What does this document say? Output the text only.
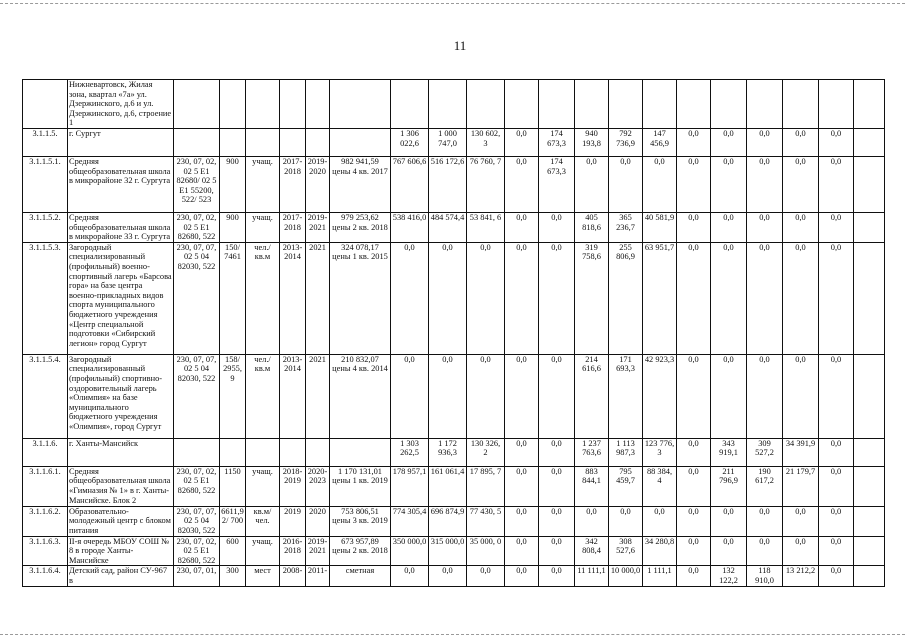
11
	Нижневартовск, Жилая зона, квартал «7а» ул. Дзержинского, д.6 и ул. Дзержинского, д.6, строение 1																				
3.1.1.5.	г. Сургут							1 306 022,6	1 000 747,0	130 602, 3	0,0	174 673,3	940 193,8	792 736,9	147 456,9	0,0	0,0	0,0	0,0	0,0	
3.1.1.5.1.	Средняя общеобразовательная школа в микрорайоне 32 г. Сургута	230, 07, 02, 02 5 E1 82680/ 02 5 E1 55200, 522/ 523	900	учащ.	2017- 2018	2019- 2020	982 941,59 цены 4 кв. 2017	767 606,6	516 172,6	76 760, 7	0,0	174 673,3	0,0	0,0	0,0	0,0	0,0	0,0	0,0	0,0	
3.1.1.5.2.	Средняя общеобразовательная школа в микрорайоне 33 г. Сургута	230, 07, 02, 02 5 E1 82680, 522	900	учащ.	2017- 2018	2019- 2021	979 253,62 цены 2 кв. 2018	538 416,0	484 574,4	53 841, 6	0,0	0,0	405 818,6	365 236,7	40 581,9	0,0	0,0	0,0	0,0	0,0	
3.1.1.5.3.	Загородный специализированный (профильный) военно-спортивный лагерь «Барсова гора» на базе центра военно-прикладных видов спорта муниципального бюджетного учреждения «Центр специальной подготовки «Сибирский легион» город Сургут	230, 07, 07, 02 5 04 82030, 522	150/ 7461	чел./ кв.м	2013- 2014	2021	324 078,17 цены 1 кв. 2015	0,0	0,0	0,0	0,0	0,0	319 758,6	255 806,9	63 951,7	0,0	0,0	0,0	0,0	0,0	
3.1.1.5.4.	Загородный специализированный (профильный) спортивно-оздоровительный лагерь «Олимпия» на базе муниципального бюджетного учреждения «Олимпия», город Сургут	230, 07, 07, 02 5 04 82030, 522	158/ 2955,9	чел./ кв.м	2013- 2014	2021	210 832,07 цены 4 кв. 2014	0,0	0,0	0,0	0,0	0,0	214 616,6	171 693,3	42 923,3	0,0	0,0	0,0	0,0	0,0	
3.1.1.6.	г. Ханты-Мансийск							1 303 262,5	1 172 936,3	130 326, 2	0,0	0,0	1 237 763,6	1 113 987,3	123 776, 3	0,0	343 919,1	309 527,2	34 391,9	0,0	
3.1.1.6.1.	Средняя общеобразовательная школа «Гимназия № 1» в г. Ханты-Мансийске. Блок 2	230, 07, 02, 02 5 E1 82680, 522	1150	учащ.	2018- 2019	2020- 2023	1 170 131,01 цены 1 кв. 2019	178 957,1	161 061,4	17 895, 7	0,0	0,0	883 844,1	795 459,7	88 384, 4	0,0	211 796,9	190 617,2	21 179,7	0,0	
3.1.1.6.2.	Образовательно-молодежный центр с блоком питания	230, 07, 07, 02 5 04 82030, 522	6611,92/ 700	кв.м/ чел.	2019	2020	753 806,51 цены 3 кв. 2019	774 305,4	696 874,9	77 430, 5	0,0	0,0	0,0	0,0	0,0	0,0	0,0	0,0	0,0	0,0	
3.1.1.6.3.	II-я очередь МБОУ СОШ № 8 в городе Ханты-Мансийске	230, 07, 02, 02 5 E1 82680, 522	600	учащ.	2016- 2018	2019- 2021	673 957,89 цены 2 кв. 2018	350 000,0	315 000,0	35 000, 0	0,0	0,0	342 808,4	308 527,6	34 280,8	0,0	0,0	0,0	0,0	0,0	
3.1.1.6.4.	Детский сад, район СУ-967 в	230, 07, 01,	300	мест	2008-	2011-	сметная	0,0	0,0	0,0	0,0	0,0	11 111,1	10 000,0	1 111,1	0,0	132 122,2	118 910,0	13 212,2	0,0	
